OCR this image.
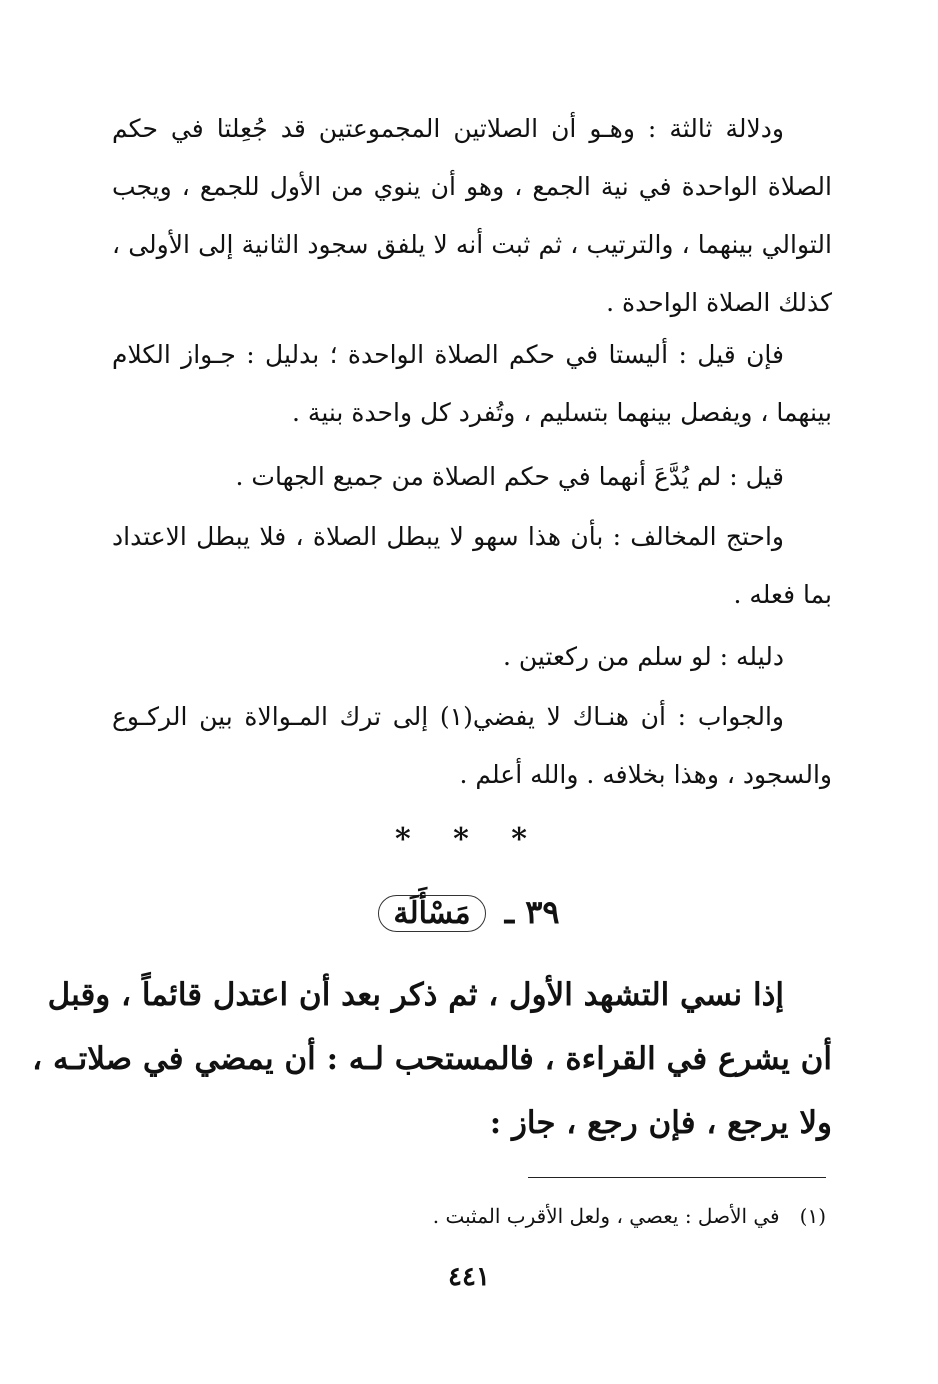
ودلالة ثالثة : وهـو أن الصلاتين المجموعتين قد جُعِلتا في حكم
الصلاة الواحدة في نية الجمع ، وهو أن ينوي من الأول للجمع ، ويجب
التوالي بينهما ، والترتيب ، ثم ثبت أنه لا يلفق سجود الثانية إلى الأولى ،
كذلك الصلاة الواحدة .
فإن قيل : أليستا في حكم الصلاة الواحدة ؛ بدليل : جـواز الكلام
بينهما ، ويفصل بينهما بتسليم ، وتُفرد كل واحدة بنية .
قيل : لم يُدَّعَ أنهما في حكم الصلاة من جميع الجهات .
واحتج المخالف : بأن هذا سهو لا يبطل الصلاة ، فلا يبطل الاعتداد
بما فعله .
دليله : لو سلم من ركعتين .
والجواب : أن هنـاك لا يفضي(١) إلى ترك المـوالاة بين الركـوع
والسجود ، وهذا بخلافه . والله أعلم .
* * *
٣٩ ـ مَسْأَلَة
إذا نسي التشهد الأول ، ثم ذكر بعد أن اعتدل قائماً ، وقبل
أن يشرع في القراءة ، فالمستحب لـه : أن يمضي في صلاتـه ،
ولا يرجع ، فإن رجع ، جاز :
(١)في الأصل : يعصي ، ولعل الأقرب المثبت .
٤٤١
